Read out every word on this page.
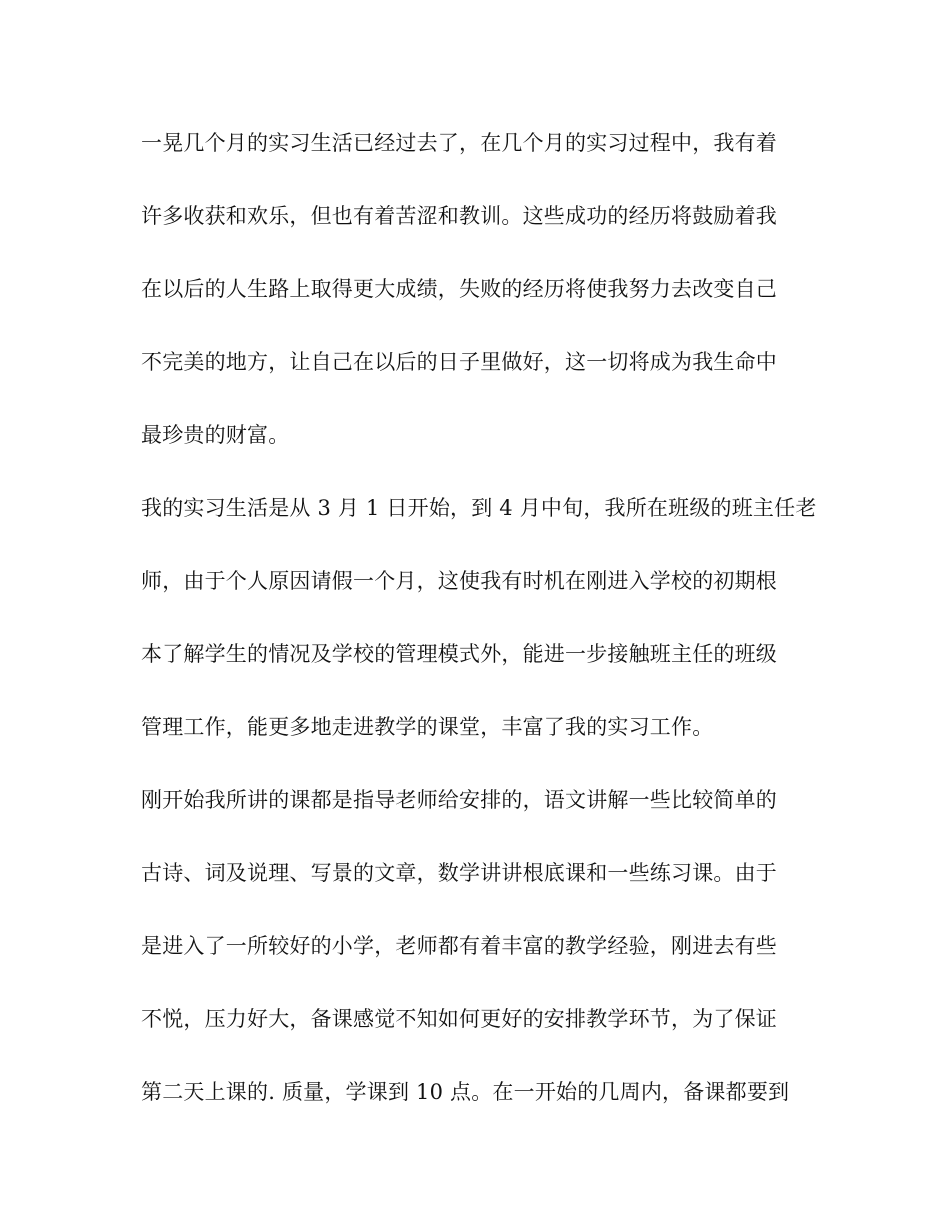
一晃几个月的实习生活已经过去了，在几个月的实习过程中，我有着
许多收获和欢乐，但也有着苦涩和教训。这些成功的经历将鼓励着我
在以后的人生路上取得更大成绩，失败的经历将使我努力去改变自己
不完美的地方，让自己在以后的日子里做好，这一切将成为我生命中
最珍贵的财富。
我的实习生活是从 3 月 1 日开始，到 4 月中旬，我所在班级的班主任老
师，由于个人原因请假一个月，这使我有时机在刚进入学校的初期根
本了解学生的情况及学校的管理模式外，能进一步接触班主任的班级
管理工作，能更多地走进教学的课堂，丰富了我的实习工作。
刚开始我所讲的课都是指导老师给安排的，语文讲解一些比较简单的
古诗、词及说理、写景的文章，数学讲讲根底课和一些练习课。由于
是进入了一所较好的小学，老师都有着丰富的教学经验，刚进去有些
不悦，压力好大，备课感觉不知如何更好的安排教学环节，为了保证
第二天上课的. 质量，学课到 10 点。在一开始的几周内，备课都要到
